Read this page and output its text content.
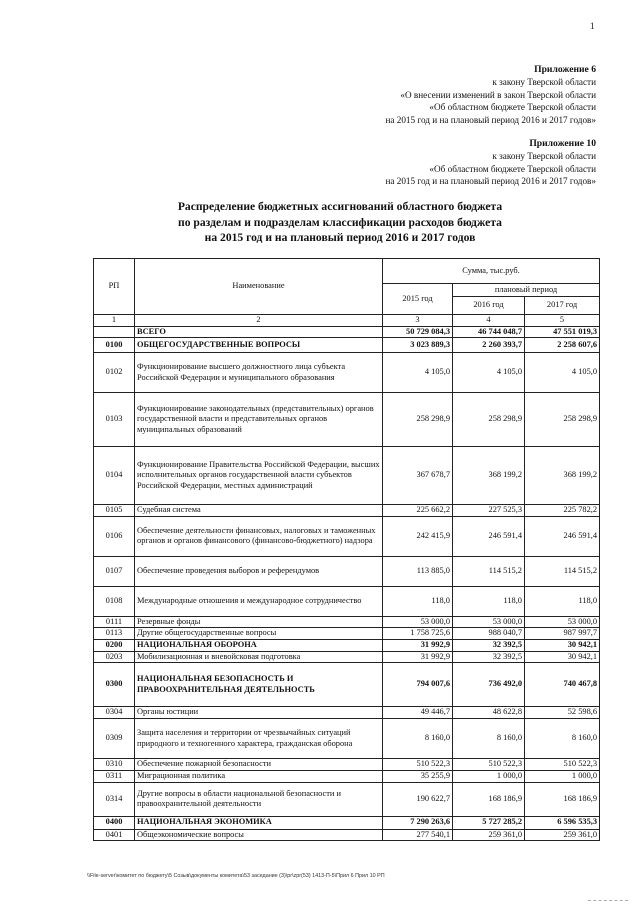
1
Приложение 6
к закону Тверской области
«О внесении изменений в закон Тверской области
«Об областном бюджете Тверской области
на 2015 год и на плановый период 2016 и 2017 годов»
Приложение 10
к закону Тверской области
«Об областном бюджете Тверской области
на 2015 год и на плановый период 2016 и 2017 годов»
Распределение бюджетных ассигнований областного бюджета
по разделам и подразделам классификации расходов бюджета
на 2015 год и на плановый период 2016 и 2017 годов
РП	Наименование	Сумма, тыс.руб.		
		2015 год	плановый период	
			2016 год	2017 год
1	2	3	4	5
	ВСЕГО	50 729 084,3	46 744 048,7	47 551 019,3
0100	ОБЩЕГОСУДАРСТВЕННЫЕ ВОПРОСЫ	3 023 889,3	2 260 393,7	2 258 607,6
0102	Функционирование высшего должностного лица субъекта Российской Федерации и муниципального образования	4 105,0	4 105,0	4 105,0
0103	Функционирование законодательных (представительных) органов государственной власти и представительных органов муниципальных образований	258 298,9	258 298,9	258 298,9
0104	Функционирование Правительства Российской Федерации, высших исполнительных органов государственной власти субъектов Российской Федерации, местных администраций	367 678,7	368 199,2	368 199,2
0105	Судебная система	225 662,2	227 525,3	225 782,2
0106	Обеспечение деятельности финансовых, налоговых и таможенных органов и органов финансового (финансово-бюджетного) надзора	242 415,9	246 591,4	246 591,4
0107	Обеспечение проведения выборов и референдумов	113 885,0	114 515,2	114 515,2
0108	Международные отношения и международное сотрудничество	118,0	118,0	118,0
0111	Резервные фонды	53 000,0	53 000,0	53 000,0
0113	Другие общегосударственные вопросы	1 758 725,6	988 040,7	987 997,7
0200	НАЦИОНАЛЬНАЯ ОБОРОНА	31 992,9	32 392,5	30 942,1
0203	Мобилизационная и вневойсковая подготовка	31 992,9	32 392,5	30 942,1
0300	НАЦИОНАЛЬНАЯ БЕЗОПАСНОСТЬ И ПРАВООХРАНИТЕЛЬНАЯ ДЕЯТЕЛЬНОСТЬ	794 007,6	736 492,0	740 467,8
0304	Органы юстиции	49 446,7	48 622,8	52 598,6
0309	Защита населения и территории от чрезвычайных ситуаций природного и техногенного характера, гражданская оборона	8 160,0	8 160,0	8 160,0
0310	Обеспечение пожарной безопасности	510 522,3	510 522,3	510 522,3
0311	Миграционная политика	35 255,9	1 000,0	1 000,0
0314	Другие вопросы в области национальной безопасности и правоохранительной деятельности	190 622,7	168 186,9	168 186,9
0400	НАЦИОНАЛЬНАЯ ЭКОНОМИКА	7 290 263,6	5 727 285,2	6 596 535,3
0401	Общеэкономические вопросы	277 540,1	259 361,0	259 361,0
\\File-server\комитет по бюджету\5 Созыв\документы комитета\53 заседание (3)\pr\zpr(53) 1413-П-5\Прил 6 Прил 10 РП
